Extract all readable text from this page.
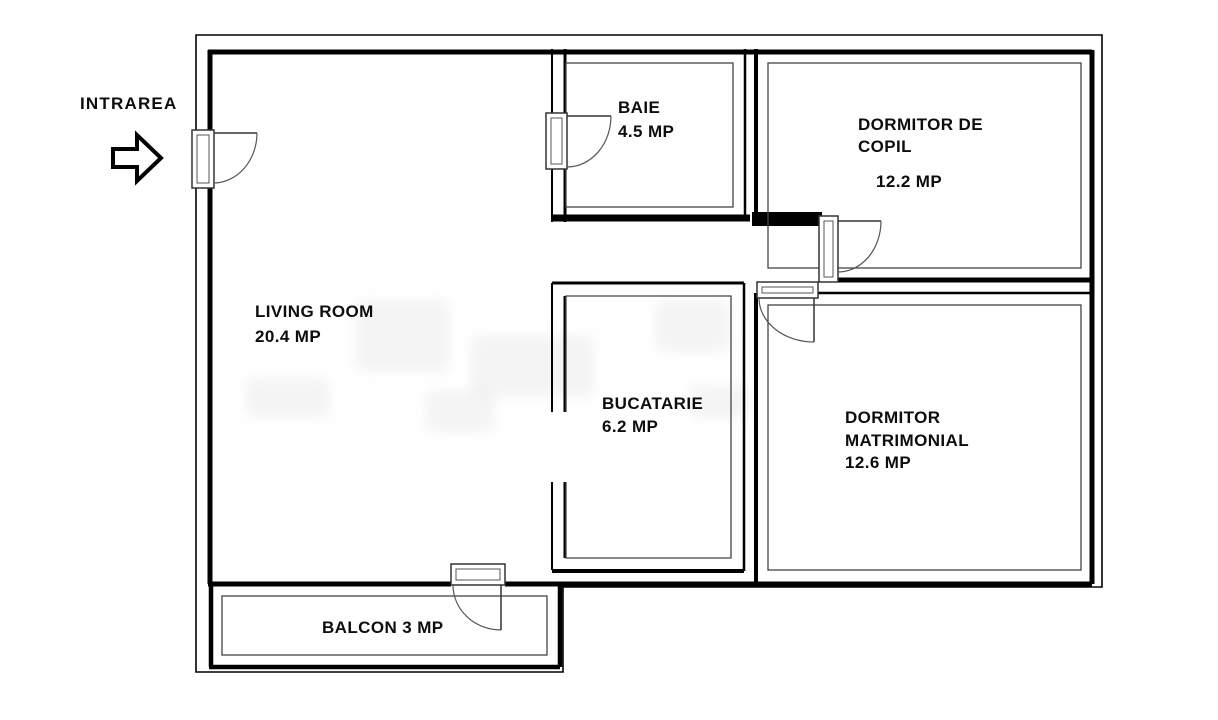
INTRAREA
LIVING ROOM
20.4 MP
BAIE
4.5 MP	DORMITOR DE
COPIL
12.2 MP
BUCATARIE
6.2 MP	DORMITOR
MATRIMONIAL
12.6 MP
BALCON 3 MP
